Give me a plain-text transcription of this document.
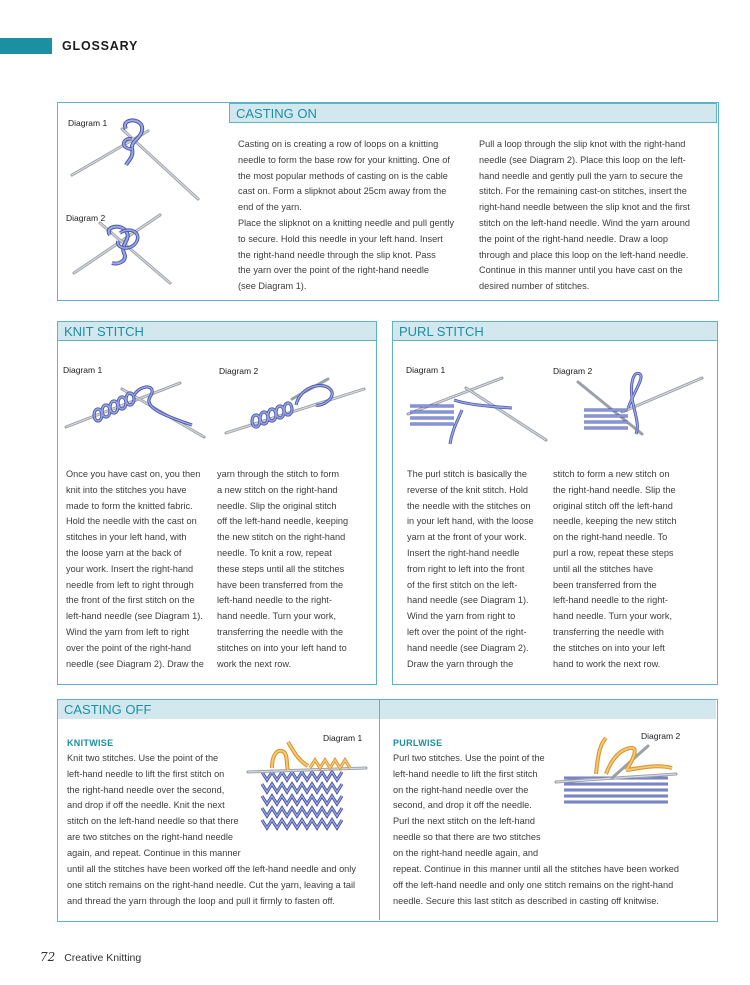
GLOSSARY
CASTING ON
Diagram 1
Diagram 2

Casting on is creating a row of loops on a knitting
needle to form the base row for your knitting. One of
the most popular methods of casting on is the cable
cast on. Form a slipknot about 25cm away from the
end of the yarn.
Place the slipknot on a knitting needle and pull gently
to secure. Hold this needle in your left hand. Insert
the right-hand needle through the slip knot. Pass
the yarn over the point of the right-hand needle
(see Diagram 1).

Pull a loop through the slip knot with the right-hand
needle (see Diagram 2). Place this loop on the left-
hand needle and gently pull the yarn to secure the
stitch. For the remaining cast-on stitches, insert the
right-hand needle between the slip knot and the first
stitch on the left-hand needle. Wind the yarn around
the point of the right-hand needle. Draw a loop
through and place this loop on the left-hand needle.
Continue in this manner until you have cast on the
desired number of stitches.

KNIT STITCH
Diagram 1	Diagram 2

Once you have cast on, you then
knit into the stitches you have
made to form the knitted fabric.
Hold the needle with the cast on
stitches in your left hand, with
the loose yarn at the back of
your work. Insert the right-hand
needle from left to right through
the front of the first stitch on the
left-hand needle (see Diagram 1).
Wind the yarn from left to right
over the point of the right-hand
needle (see Diagram 2). Draw the

yarn through the stitch to form
a new stitch on the right-hand
needle. Slip the original stitch
off the left-hand needle, keeping
the new stitch on the right-hand
needle. To knit a row, repeat
these steps until all the stitches
have been transferred from the
left-hand needle to the right-
hand needle. Turn your work,
transferring the needle with the
stitches on into your left hand to
work the next row.

PURL STITCH
Diagram 1	Diagram 2

The purl stitch is basically the
reverse of the knit stitch. Hold
the needle with the stitches on
in your left hand, with the loose
yarn at the front of your work.
Insert the right-hand needle
from right to left into the front
of the first stitch on the left-
hand needle (see Diagram 1).
Wind the yarn from right to
left over the point of the right-
hand needle (see Diagram 2).
Draw the yarn through the

stitch to form a new stitch on
the right-hand needle. Slip the
original stitch off the left-hand
needle, keeping the new stitch
on the right-hand needle. To
purl a row, repeat these steps
until all the stitches have
been transferred from the
left-hand needle to the right-
hand needle. Turn your work,
transferring the needle with
the stitches on into your left
hand to work the next row.

CASTING OFF
KNITWISE	Diagram 1

Knit two stitches. Use the point of the
left-hand needle to lift the first stitch on
the right-hand needle over the second,
and drop if off the needle. Knit the next
stitch on the left-hand needle so that there
are two stitches on the right-hand needle
again, and repeat. Continue in this manner

until all the stitches have been worked off the left-hand needle and only
one stitch remains on the right-hand needle. Cut the yarn, leaving a tail
and thread the yarn through the loop and pull it firmly to fasten off.

PURLWISE
Diagram 2

Purl two stitches. Use the point of the
left-hand needle to lift the first stitch
on the right-hand needle over the
second, and drop it off the needle.
Purl the next stitch on the left-hand
needle so that there are two stitches
on the right-hand needle again, and

repeat. Continue in this manner until all the stitches have been worked
off the left-hand needle and only one stitch remains on the right-hand
needle. Secure this last stitch as described in casting off knitwise.

72 Creative Knitting
